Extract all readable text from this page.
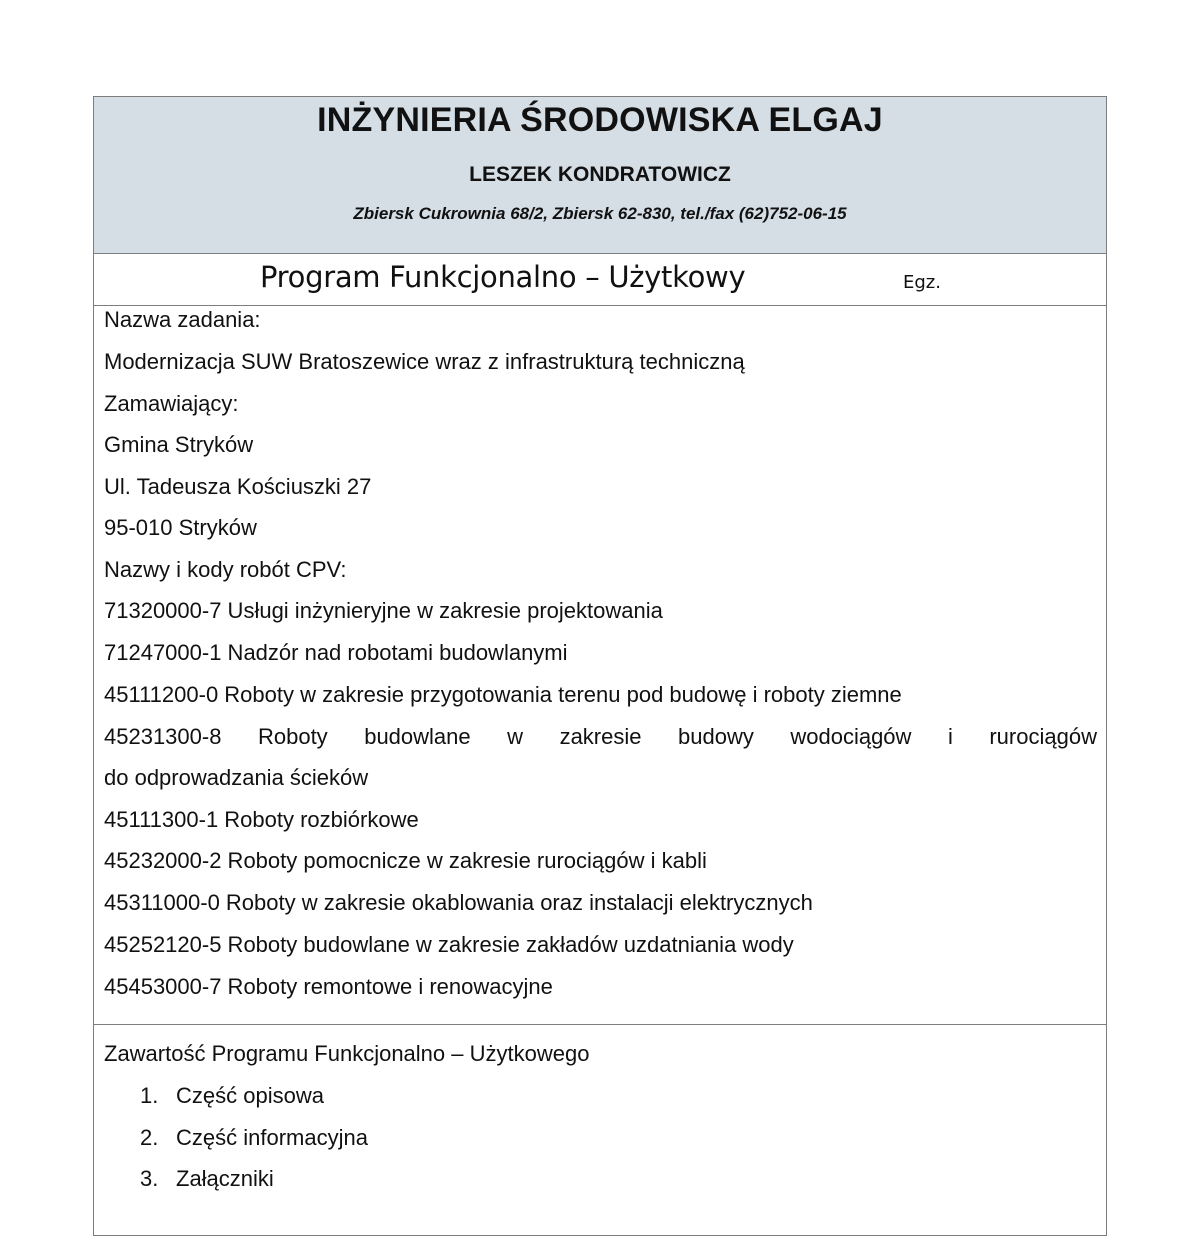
INŻYNIERIA ŚRODOWISKA ELGAJ
LESZEK KONDRATOWICZ
Zbiersk Cukrownia 68/2, Zbiersk 62-830, tel./fax (62)752-06-15
Program Funkcjonalno – Użytkowy	Egz.
Nazwa zadania:
Modernizacja SUW Bratoszewice wraz z infrastrukturą techniczną
Zamawiający:
Gmina Stryków
Ul. Tadeusza Kościuszki 27
95-010 Stryków
Nazwy i kody robót CPV:
71320000-7 Usługi inżynieryjne w zakresie projektowania
71247000-1 Nadzór nad robotami budowlanymi
45111200-0 Roboty w zakresie przygotowania terenu pod budowę i roboty ziemne
45231300-8 Roboty budowlane w zakresie budowy wodociągów i rurociągów
do odprowadzania ścieków
45111300-1 Roboty rozbiórkowe
45232000-2 Roboty pomocnicze w zakresie rurociągów i kabli
45311000-0 Roboty w zakresie okablowania oraz instalacji elektrycznych
45252120-5 Roboty budowlane w zakresie zakładów uzdatniania wody
45453000-7 Roboty remontowe i renowacyjne
Zawartość Programu Funkcjonalno – Użytkowego
1. Część opisowa
2. Część informacyjna
3. Załączniki
